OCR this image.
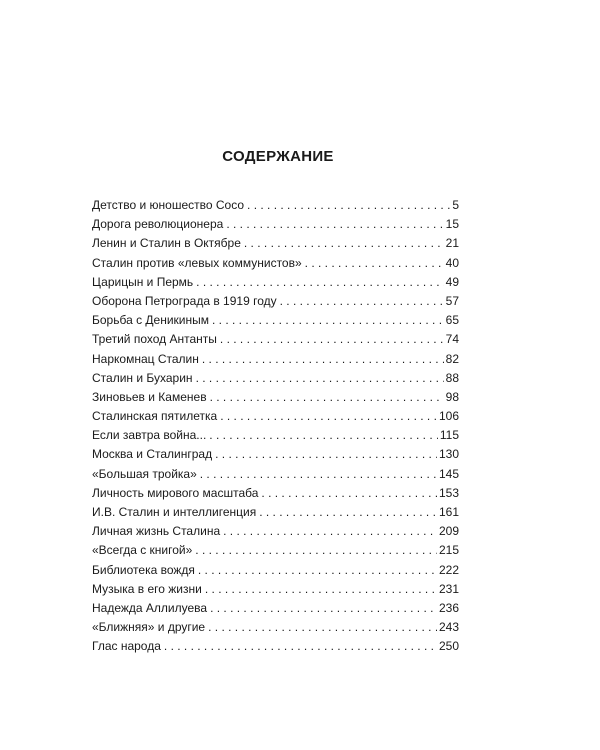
СОДЕРЖАНИЕ
Детство и юношество Сосо . . .	5
Дорога революционера . . .	15
Ленин и Сталин в Октябре . . .	21
Сталин против «левых коммунистов» . . .	40
Царицын и Пермь . . .	49
Оборона Петрограда в 1919 году . . .	57
Борьба с Деникиным . . .	65
Третий поход Антанты . . .	74
Наркомнац Сталин . . .	82
Сталин и Бухарин . . .	88
Зиновьев и Каменев . . .	98
Сталинская пятилетка . . .	106
Если завтра война... . . .	115
Москва и Сталинград . . .	130
«Большая тройка» . . .	145
Личность мирового масштаба . . .	153
И.В. Сталин и интеллигенция . . .	161
Личная жизнь Сталина . . .	209
«Всегда с книгой» . . .	215
Библиотека вождя . . .	222
Музыка в его жизни . . .	231
Надежда Аллилуева . . .	236
«Ближняя» и другие . . .	243
Глас народа . . .	250
